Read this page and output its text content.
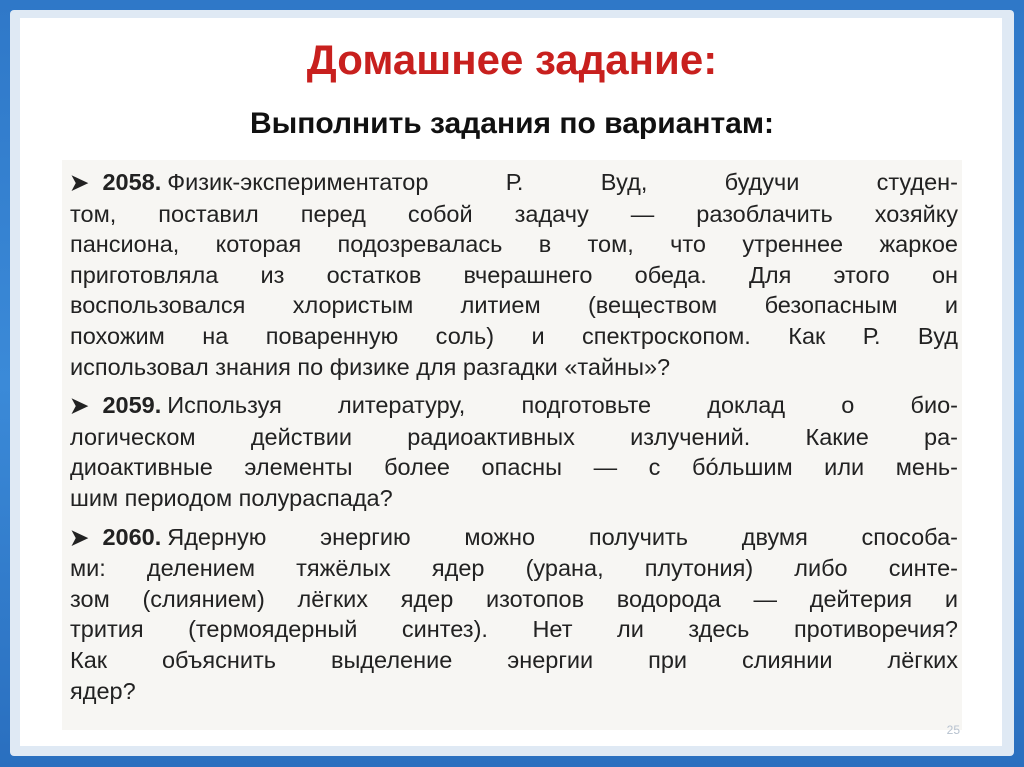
Домашнее задание:
Выполнить задания по вариантам:
➤ 2058. Физик-экспериментатор Р. Вуд, будучи студен-
том, поставил перед собой задачу — разоблачить хозяйку
пансиона, которая подозревалась в том, что утреннее жаркое
приготовляла из остатков вчерашнего обеда. Для этого он
воспользовался хлористым литием (веществом безопасным и
похожим на поваренную соль) и спектроскопом. Как Р. Вуд
использовал знания по физике для разгадки «тайны»?
➤ 2059. Используя литературу, подготовьте доклад о био-
логическом действии радиоактивных излучений. Какие ра-
диоактивные элементы более опасны — с бóльшим или мень-
шим периодом полураспада?
➤ 2060. Ядерную энергию можно получить двумя способа-
ми: делением тяжёлых ядер (урана, плутония) либо синте-
зом (слиянием) лёгких ядер изотопов водорода — дейтерия и
трития (термоядерный синтез). Нет ли здесь противоречия?
Как объяснить выделение энергии при слиянии лёгких
ядер?
25
